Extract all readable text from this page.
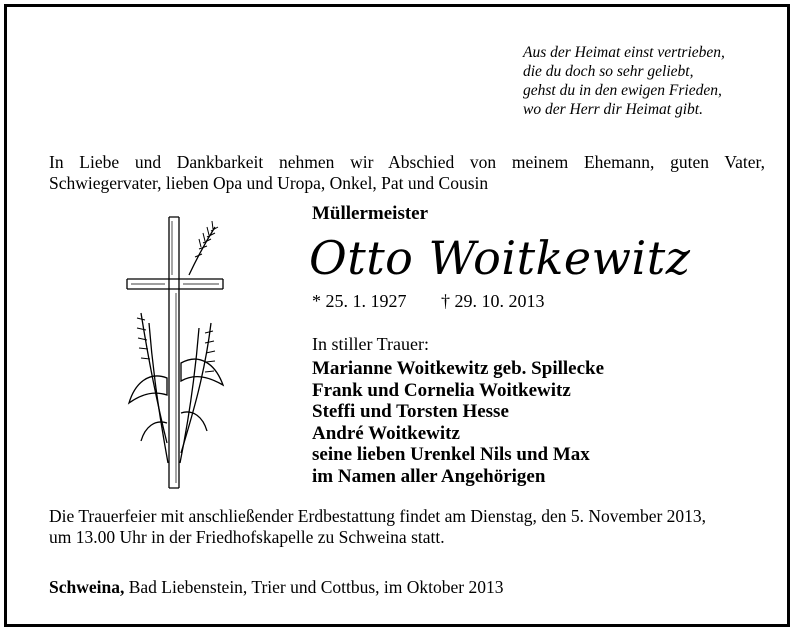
Aus der Heimat einst vertrieben,
die du doch so sehr geliebt,
gehst du in den ewigen Frieden,
wo der Herr dir Heimat gibt.
In Liebe und Dankbarkeit nehmen wir Abschied von meinem Ehemann, guten Vater,
Schwiegervater, lieben Opa und Uropa, Onkel, Pat und Cousin
Müllermeister
Otto Woitkewitz
* 25. 1. 1927 † 29. 10. 2013
In stiller Trauer:
Marianne Woitkewitz geb. Spillecke
Frank und Cornelia Woitkewitz
Steffi und Torsten Hesse
André Woitkewitz
seine lieben Urenkel Nils und Max
im Namen aller Angehörigen
Die Trauerfeier mit anschließender Erdbestattung findet am Dienstag, den 5. November 2013,
um 13.00 Uhr in der Friedhofskapelle zu Schweina statt.
Schweina, Bad Liebenstein, Trier und Cottbus, im Oktober 2013
